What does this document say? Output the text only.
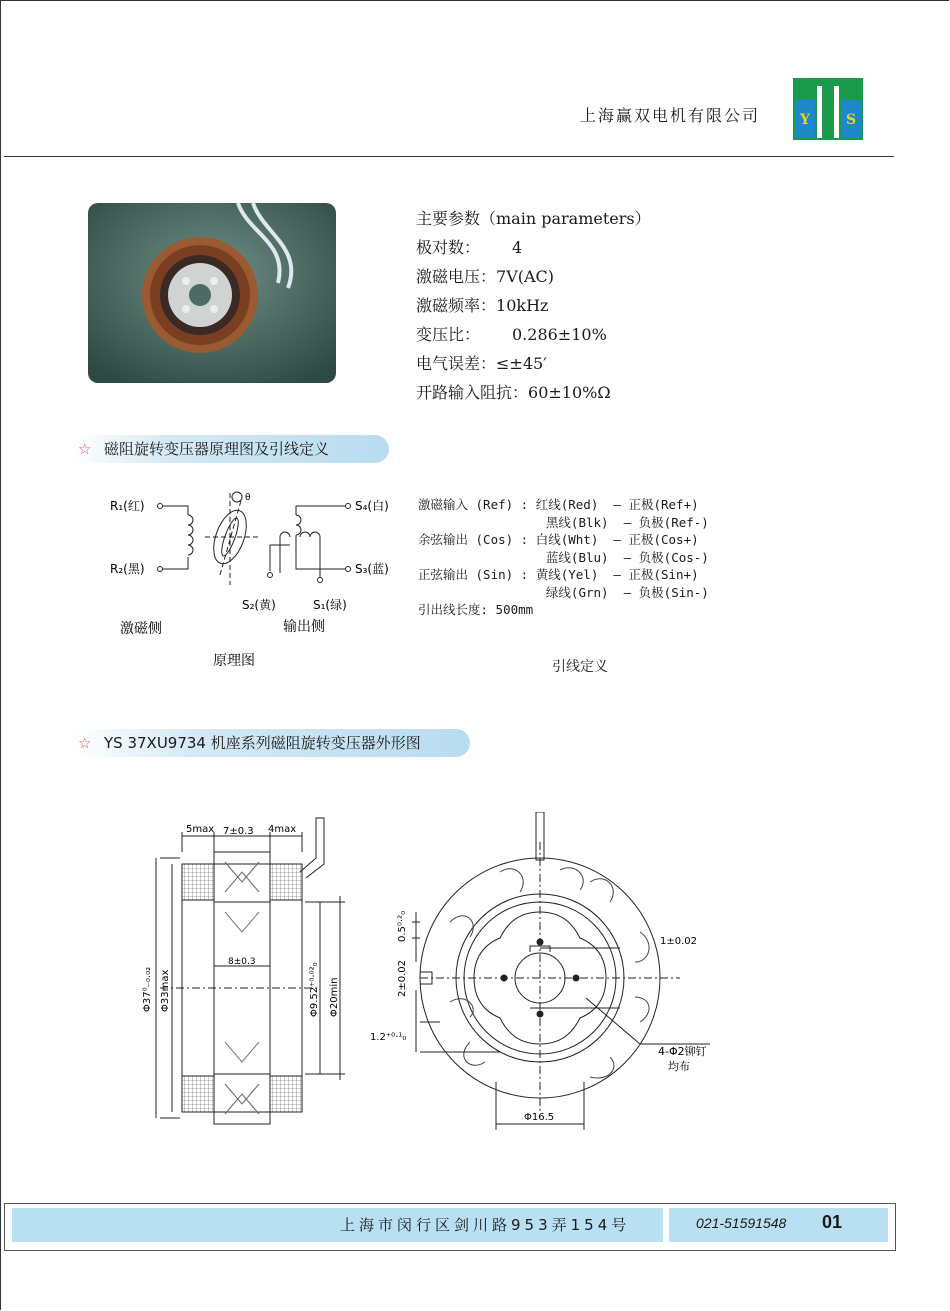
上海赢双电机有限公司	Y	S
主要参数（main parameters）
极对数： 4
激磁电压：7V(AC)
激磁频率：10kHz
变压比： 0.286±10%
电气误差：≤±45′
开路输入阻抗：60±10%Ω
☆ 磁阻旋转变压器原理图及引线定义
R₁(红)
R₂(黑)
θ
S₄(白)
S₃(蓝)
S₂(黄)	S₁(绿)
激磁侧	输出侧
原理图
激磁输入 (Ref) : 红线(Red)  — 正极(Ref+)
黑线(Blk)  — 负极(Ref-)
余弦输出 (Cos) : 白线(Wht)  — 正极(Cos+)
蓝线(Blu)  — 负极(Cos-)
正弦输出 (Sin) : 黄线(Yel)  — 正极(Sin+)
绿线(Grn)  — 负极(Sin-)
引出线长度: 500mm
引线定义
☆ YS 37XU9734 机座系列磁阻旋转变压器外形图
5max 7±0.3 4max
8±0.3
Φ37⁰₋₀.₀₂ Φ33max	Φ9.52⁺⁰·⁰²₀ Φ20min
0.5⁰·²₀
2±0.02
1.2⁺⁰·¹₀
1±0.02
4-Φ2铆钉
均布
Φ16.5
上海市闵行区剑川路953弄154号	021-51591548 01
